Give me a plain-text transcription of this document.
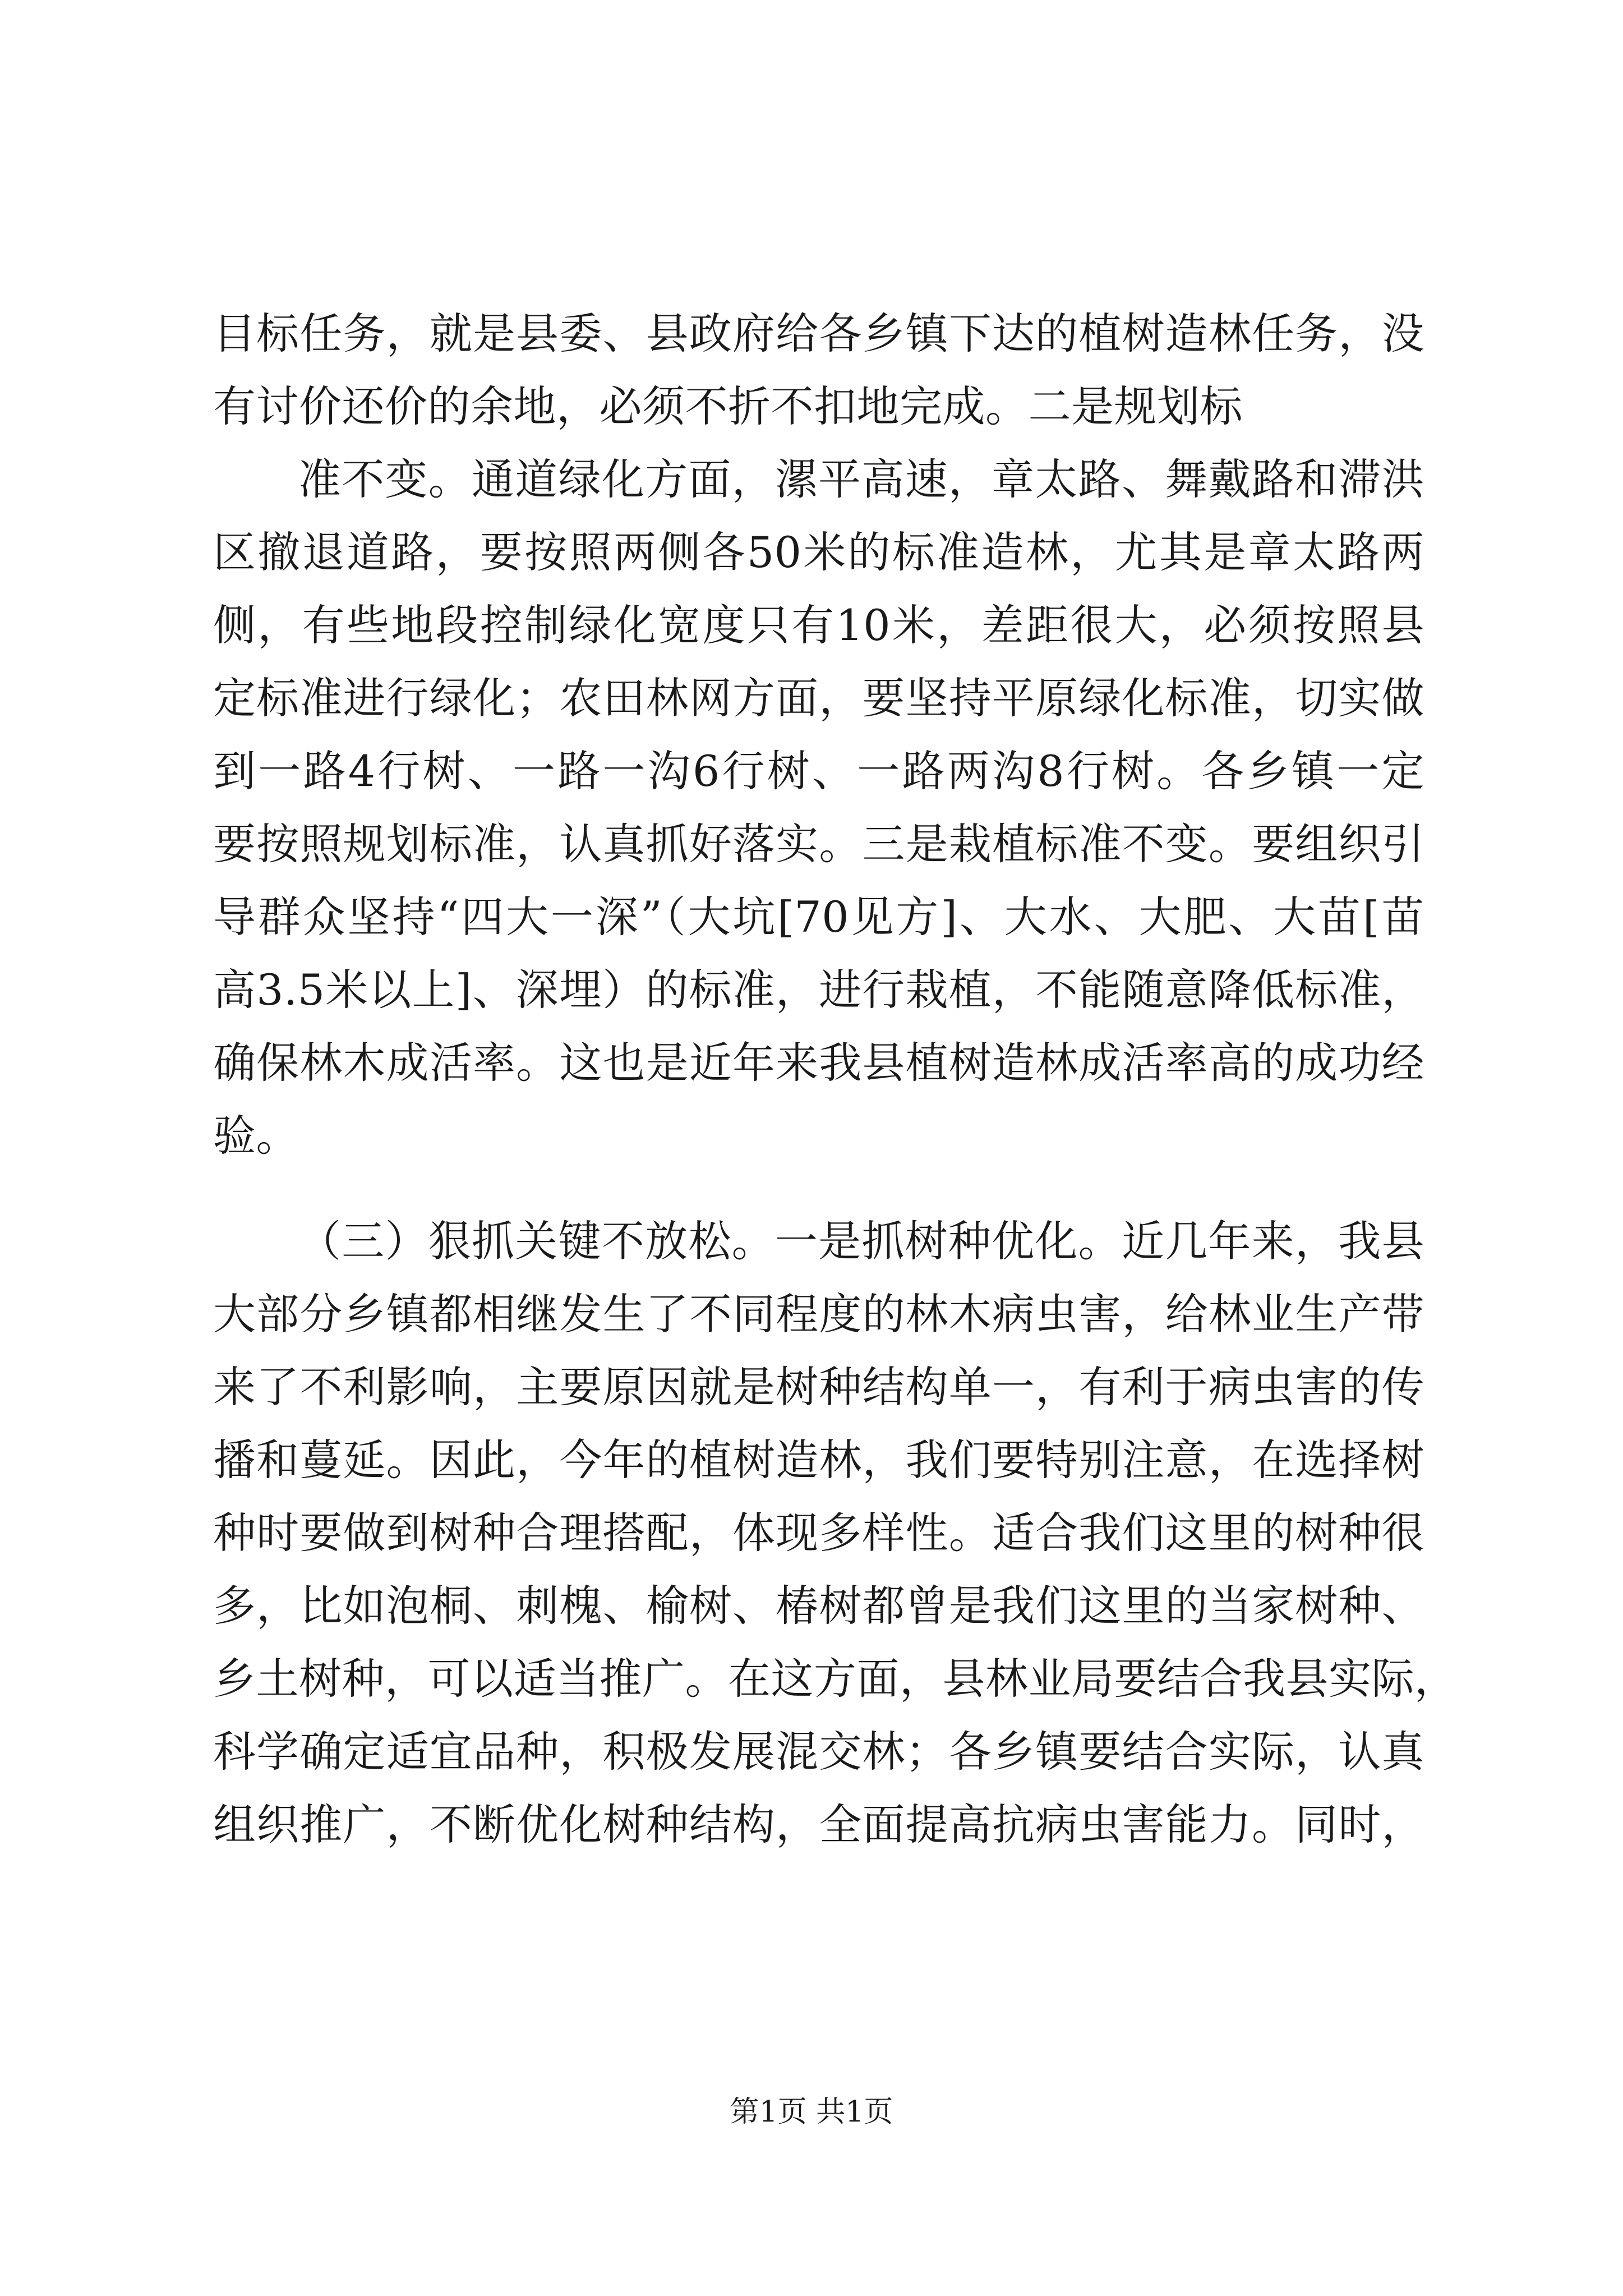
目标任务，就是县委、县政府给各乡镇下达的植树造林任务，没
有讨价还价的余地，必须不折不扣地完成。二是规划标
准不变。通道绿化方面，漯平高速，章太路、舞戴路和滞洪
区撤退道路，要按照两侧各50米的标准造林，尤其是章太路两
侧，有些地段控制绿化宽度只有10米，差距很大，必须按照县
定标准进行绿化；农田林网方面，要坚持平原绿化标准，切实做
到一路4行树、一路一沟6行树、一路两沟8行树。各乡镇一定
要按照规划标准，认真抓好落实。三是栽植标准不变。要组织引
导群众坚持“四大一深”（大坑[70见方]、大水、大肥、大苗[苗
高3.5米以上]、深埋）的标准，进行栽植，不能随意降低标准，
确保林木成活率。这也是近年来我县植树造林成活率高的成功经
验。
（三）狠抓关键不放松。一是抓树种优化。近几年来，我县
大部分乡镇都相继发生了不同程度的林木病虫害，给林业生产带
来了不利影响，主要原因就是树种结构单一，有利于病虫害的传
播和蔓延。因此，今年的植树造林，我们要特别注意，在选择树
种时要做到树种合理搭配，体现多样性。适合我们这里的树种很
多，比如泡桐、刺槐、榆树、椿树都曾是我们这里的当家树种、
乡土树种，可以适当推广。在这方面，县林业局要结合我县实际，
科学确定适宜品种，积极发展混交林；各乡镇要结合实际，认真
组织推广，不断优化树种结构，全面提高抗病虫害能力。同时，
第1页 共1页
